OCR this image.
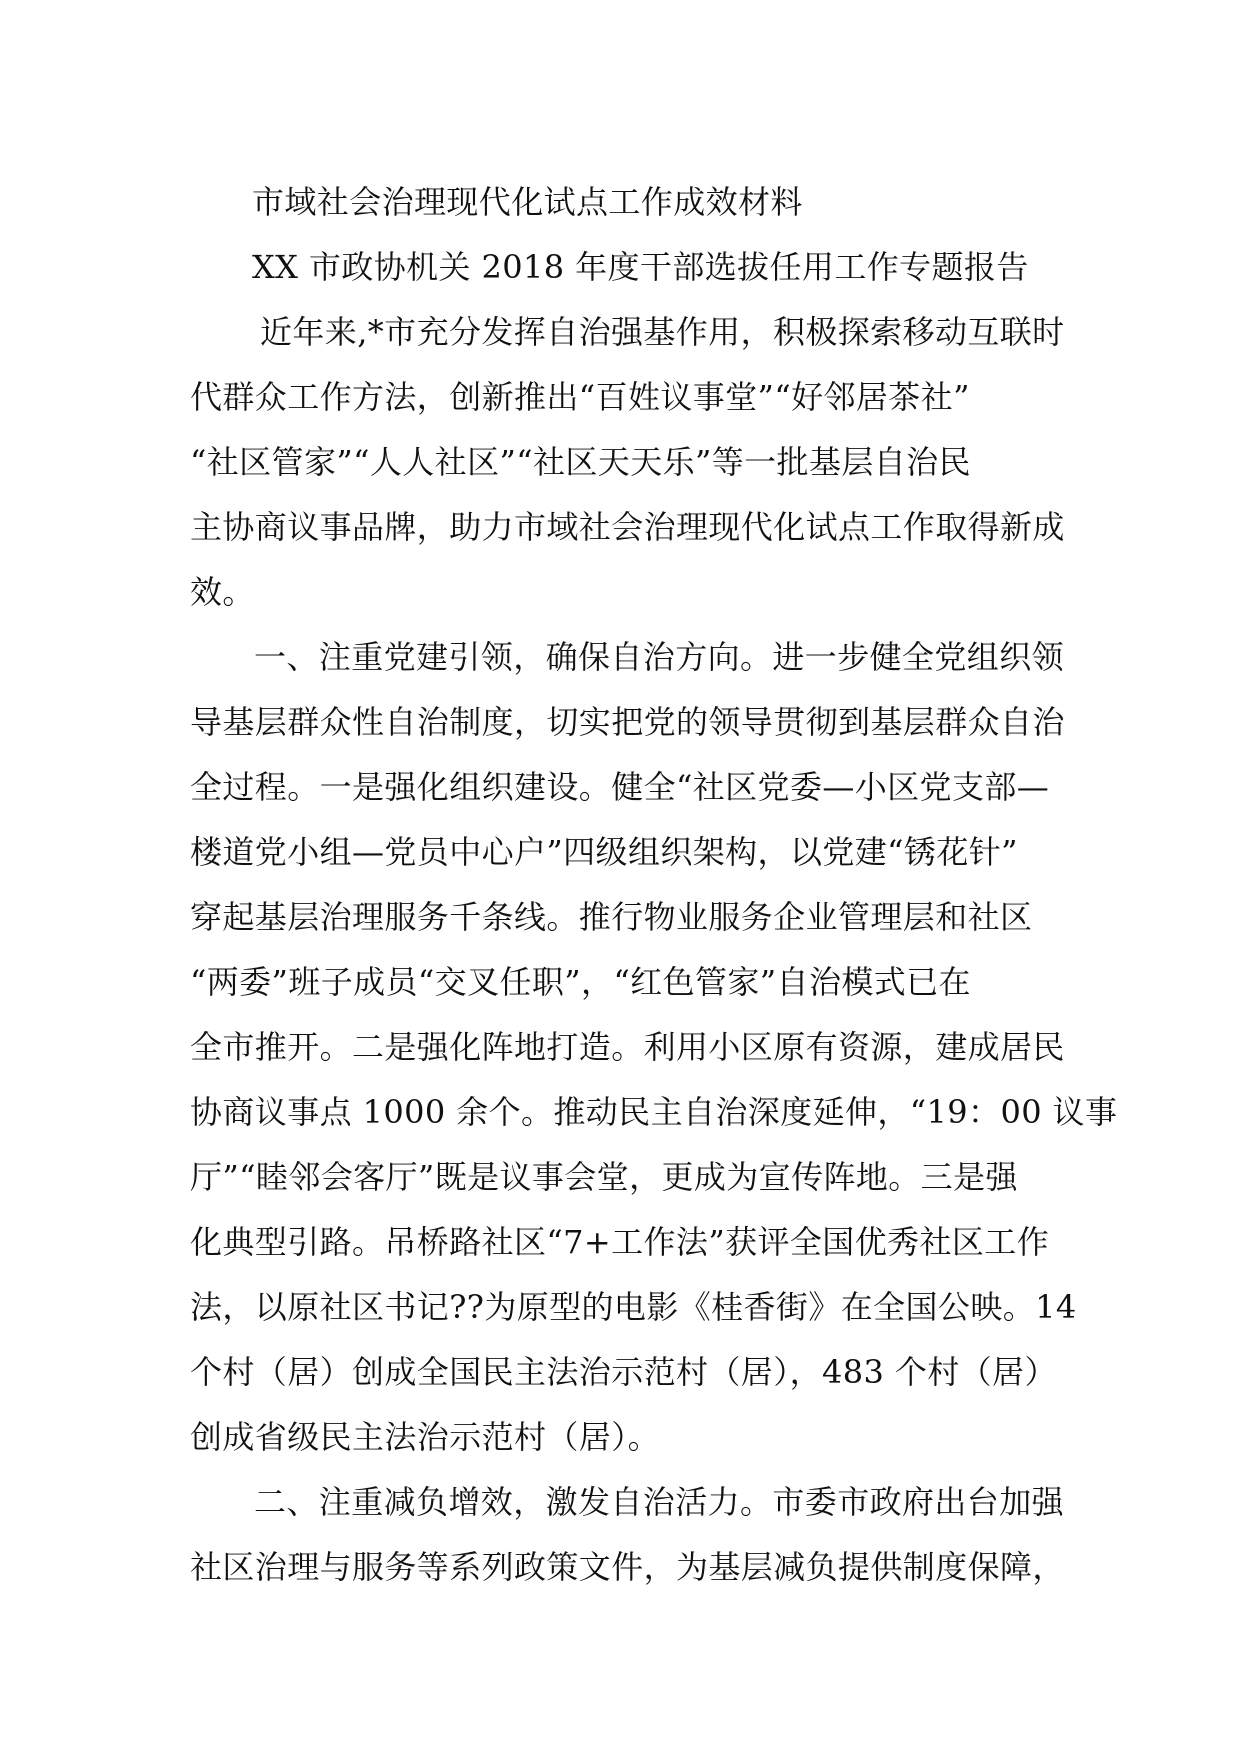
市域社会治理现代化试点工作成效材料
XX 市政协机关 2018 年度干部选拔任用工作专题报告
近年来,*市充分发挥自治强基作用，积极探索移动互联时
代群众工作方法，创新推出“百姓议事堂”“好邻居茶社”
“社区管家”“人人社区”“社区天天乐”等一批基层自治民
主协商议事品牌，助力市域社会治理现代化试点工作取得新成
效。
一、注重党建引领，确保自治方向。进一步健全党组织领
导基层群众性自治制度，切实把党的领导贯彻到基层群众自治
全过程。一是强化组织建设。健全“社区党委—小区党支部—
楼道党小组—党员中心户”四级组织架构，以党建“锈花针”
穿起基层治理服务千条线。推行物业服务企业管理层和社区
“两委”班子成员“交叉任职”，“红色管家”自治模式已在
全市推开。二是强化阵地打造。利用小区原有资源，建成居民
协商议事点 1000 余个。推动民主自治深度延伸，“19：00 议事
厅”“睦邻会客厅”既是议事会堂，更成为宣传阵地。三是强
化典型引路。吊桥路社区“7+工作法”获评全国优秀社区工作
法，以原社区书记??为原型的电影《桂香街》在全国公映。14
个村（居）创成全国民主法治示范村（居），483 个村（居）
创成省级民主法治示范村（居）。
二、注重减负增效，激发自治活力。市委市政府出台加强
社区治理与服务等系列政策文件，为基层减负提供制度保障，
